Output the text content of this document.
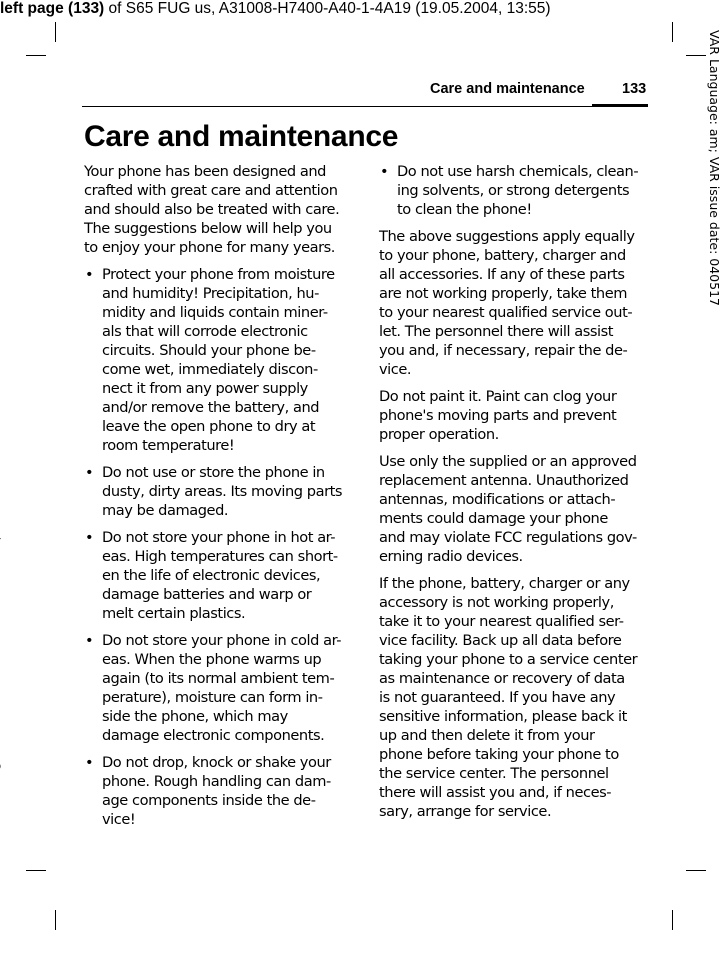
left page (133) of S65 FUG us, A31008-H7400-A40-1-4A19 (19.05.2004, 13:55)
VAR Language: am; VAR issue date: 040517
Care and maintenance	133
Care and maintenance

Your phone has been designed and
crafted with great care and attention
and should also be treated with care.
The suggestions below will help you
to enjoy your phone for many years.

• Protect your phone from moisture
and humidity! Precipitation, hu-
midity and liquids contain miner-
als that will corrode electronic
circuits. Should your phone be-
come wet, immediately discon-
nect it from any power supply
and/or remove the battery, and
leave the open phone to dry at
room temperature!
• Do not use or store the phone in
dusty, dirty areas. Its moving parts
may be damaged.
• Do not store your phone in hot ar-
eas. High temperatures can short-
en the life of electronic devices,
damage batteries and warp or
melt certain plastics.
• Do not store your phone in cold ar-
eas. When the phone warms up
again (to its normal ambient tem-
perature), moisture can form in-
side the phone, which may
damage electronic components.
• Do not drop, knock or shake your
phone. Rough handling can dam-
age components inside the de-
vice!
• Do not use harsh chemicals, clean-
ing solvents, or strong detergents
to clean the phone!

The above suggestions apply equally
to your phone, battery, charger and
all accessories. If any of these parts
are not working properly, take them
to your nearest qualified service out-
let. The personnel there will assist
you and, if necessary, repair the de-
vice.

Do not paint it. Paint can clog your
phone's moving parts and prevent
proper operation.

Use only the supplied or an approved
replacement antenna. Unauthorized
antennas, modifications or attach-
ments could damage your phone
and may violate FCC regulations gov-
erning radio devices.

If the phone, battery, charger or any
accessory is not working properly,
take it to your nearest qualified ser-
vice facility. Back up all data before
taking your phone to a service center
as maintenance or recovery of data
is not guaranteed. If you have any
sensitive information, please back it
up and then delete it from your
phone before taking your phone to
the service center. The personnel
there will assist you and, if neces-
sary, arrange for service.
